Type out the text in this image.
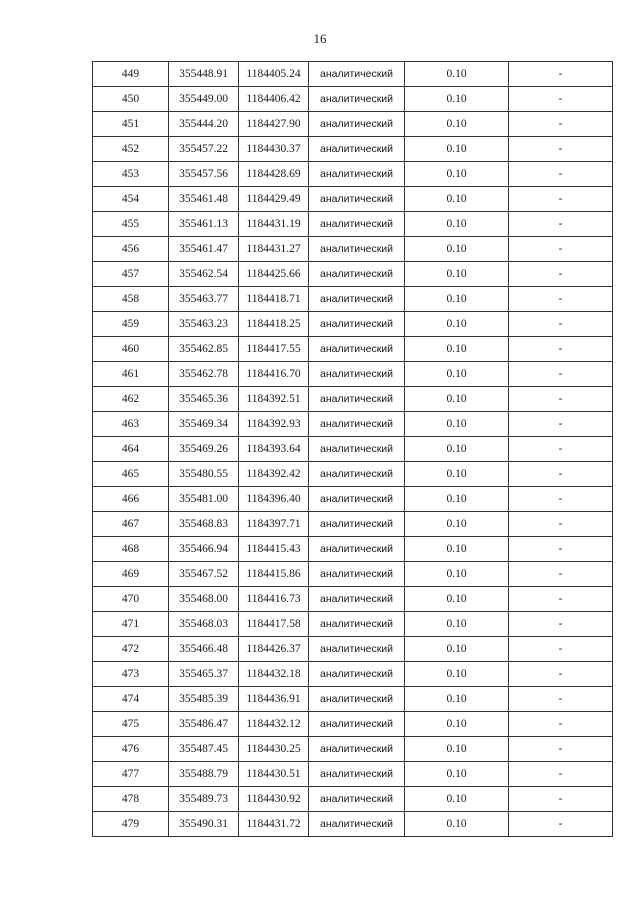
16
449	355448.91	1184405.24	аналитический	0.10	-
450	355449.00	1184406.42	аналитический	0.10	-
451	355444.20	1184427.90	аналитический	0.10	-
452	355457.22	1184430.37	аналитический	0.10	-
453	355457.56	1184428.69	аналитический	0.10	-
454	355461.48	1184429.49	аналитический	0.10	-
455	355461.13	1184431.19	аналитический	0.10	-
456	355461.47	1184431.27	аналитический	0.10	-
457	355462.54	1184425.66	аналитический	0.10	-
458	355463.77	1184418.71	аналитический	0.10	-
459	355463.23	1184418.25	аналитический	0.10	-
460	355462.85	1184417.55	аналитический	0.10	-
461	355462.78	1184416.70	аналитический	0.10	-
462	355465.36	1184392.51	аналитический	0.10	-
463	355469.34	1184392.93	аналитический	0.10	-
464	355469.26	1184393.64	аналитический	0.10	-
465	355480.55	1184392.42	аналитический	0.10	-
466	355481.00	1184396.40	аналитический	0.10	-
467	355468.83	1184397.71	аналитический	0.10	-
468	355466.94	1184415.43	аналитический	0.10	-
469	355467.52	1184415.86	аналитический	0.10	-
470	355468.00	1184416.73	аналитический	0.10	-
471	355468.03	1184417.58	аналитический	0.10	-
472	355466.48	1184426.37	аналитический	0.10	-
473	355465.37	1184432.18	аналитический	0.10	-
474	355485.39	1184436.91	аналитический	0.10	-
475	355486.47	1184432.12	аналитический	0.10	-
476	355487.45	1184430.25	аналитический	0.10	-
477	355488.79	1184430.51	аналитический	0.10	-
478	355489.73	1184430.92	аналитический	0.10	-
479	355490.31	1184431.72	аналитический	0.10	-
